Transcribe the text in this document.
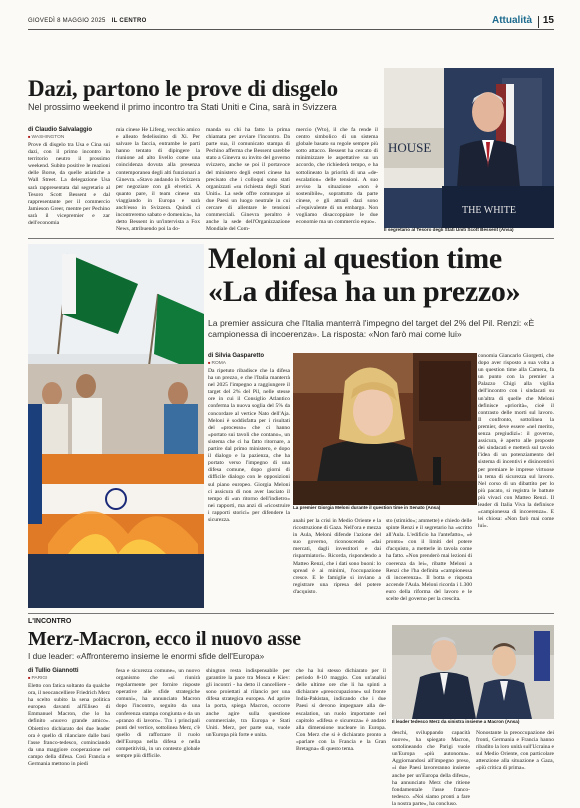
GIOVEDÌ 8 MAGGIO 2025 IL CENTRO	Attualità 15
Dazi, partono le prove di disgelo
Nel prossimo weekend il primo incontro tra Stati Uniti e Cina, sarà in Svizzera
di Claudio Salvalaggio
■ WASHINGTON
Prove di disgelo tra Usa e Cina sui dazi, con il primo incontro in territorio neutro il prossimo weekend. Subito positive le reazioni delle Borse, da quelle asiatiche a Wall Street. La delegazione Usa sarà rappresentata dal segretario al Tesoro Scott Bessent e dal rappresentante per il commercio Jamieson Greer, mentre per Pechino sarà il vicepremier e zar dell'economia
mia cinese He Lifeng, vecchio amico e alleato fedelissimo di Xi. Per salvare la faccia, entrambe le parti hanno tentato di dipingere la riunione ad alto livello come una coincidenza dovuta alla presenza contemporanea degli alti funzionari a Ginevra. «Stavo andando in Svizzera per negoziare con gli elvetici. A quanto pare, il team cinese sta viaggiando in Europa e sarà anch'esso in Svizzera. Quindi ci incontreremo sabato e domenica», ha detto Bessent in un'intervista a Fox News, attribuendo poi la do-
manda su chi ha fatto la prima chiamata per avviare l'incontro. Da parte sua, il comunicato stampa di Pechino afferma che Bessent sarebbe stato a Ginevra su invito del governo svizzero, anche se poi il portavoce del ministero degli esteri cinese ha precisato che i colloqui sono stati organizzati «su richiesta degli Stati Uniti». La sede offre comunque ai due Paesi un luogo neutrale in cui cercare di allentare le tensioni commerciali. Ginevra peraltro è anche la sede dell'Organizzazione Mondiale del Com-
mercio (Wto), il che fa rende il centro simbolico di un sistema globale basato su regole sempre più sotto attacco. Bessent ha cercato di minimizzare le aspettative su un accordo, che richiederà tempo, e ha sottolineato la priorità di una «de-escalation» delle tensioni. A suo avviso la situazione «non è sostenibile», soprattutto da parte cinese, e gli attuali dazi sono «l'equivalente di un embargo. Non vogliamo disaccoppiare le due economie ma un commercio equo».
HOUSE
THE WHITE
Il segretario al Tesoro degli Stati Uniti Scott Bessent (Ansa)
Meloni al question time
«La difesa ha un prezzo»
La premier assicura che l'Italia manterrà l'impegno del target del 2% del Pil. Renzi: «È campionessa di incoerenza». La risposta: «Non farò mai come lui»
di Silvia Gasparetto
■ ROMA
Da ripetuto ribadisce che la difesa ha un prezzo, e che l'Italia manterrà nel 2025 l'impegno a raggiungere il target del 2% del Pil, nelle stesse ore in cui il Consiglio Atlantico conferma la nuova soglia del 5% da concordare al vertice Nato dell'Aja. Meloni è soddisfatta per i risultati del «processo» che ci hanno «portato sui tavoli che contano», un sistema che ci ha fatto ritornare, a partire dal primo ministero, e dopo il dialogo e la pazienza, che ha portato verso l'impegno di una difesa comune, dopo giorni di difficile dialogo con le opposizioni sul piano europeo. Giorgia Meloni ci assicura di non aver lasciato il tempo di «un ritorno dell'indietro» nei rapporti, ma anzi di «ricostruire i rapporti storici» per difendere la sicurezza.
La premier Giorgia Meloni durante il question time in Senato (Ansa)
anahi per la crisi in Medio Oriente e la ricostruzione di Gaza. Nell'ora e mezza in Aula, Meloni difende l'azione del suo governo, riconoscendo «dai mercati, dagli investitori e dai risparmiatori». Ricorda, rispondendo a Matteo Renzi, che i dati sono buoni: lo spread è ai minimi, l'occupazione cresce. E le famiglie si inviano a registrare una ripresa del potere d'acquisto.
sto (stimido»; ammette) e chiedo delle spinte Renzi e il segretario ha «scritto all'Aula. L'edificio ha l'antefatto», «è pronto» con il limiti del potere d'acquisto, a metterle in tavola come ha fatto. «Non prenderò mai lezioni di coerenza da lei», ribatte Meloni a Renzi che l'ha definita «campionessa di incoerenza». Il botta e risposta accende l'Aula. Meloni ricorda i 1.300 euro della riforma del lavoro e le scelte del governo per la crescita.
conomia Giancarlo Giorgetti, che dopo aver risposto a sua volta a un question time alla Camera, fa un punto con la premier a Palazzo Chigi alla vigilia dell'incontro con i sindacati su un'altra di quelle che Meloni definisce «priorità», cioè il contrasto delle morti sul lavoro. Il confronto, sottolinea la premier, deve essere «nel merito, senza pregiudizi»: il governo, assicura, è aperto alle proposte dei sindacati e metterà sul tavolo l'idea di un potenziamento del sistema di incentivi e disincentivi per premiare le imprese virtuose in tema di sicurezza sul lavoro. Nel corso di un dibattito per lo più pacato, si registra le battute più vivaci con Matteo Renzi. Il leader di Italia Viva la definisce «campionessa di incoerenza». E lei chiosa: «Non farò mai come lui».
L'INCONTRO
Merz-Macron, ecco il nuovo asse
I due leader: «Affronteremo insieme le enormi sfide dell'Europa»
di Tullio Giannotti
■ PARIGI
Eletto con fatica soltanto da qualche ora, il neocancelliere Friedrich Merz ha scelto subito la sena politica europea davanti all'Eliseo di Emmanuel Macron, che lo ha definito «nuovo grande amico». Obiettivo dichiarato dei due leader ora è quello di rilanciare dalle basi l'asse franco-tedesco, cominciando da una maggiore cooperazione nel campo della difesa. Così Francia e Germania mettono in piedi
fesa e sicurezza comune», un nuovo organismo che «si riunirà regolarmente per fornire risposte operative alle sfide strategiche comuni», ha annunciato Macron dopo l'incontro, seguito da una conferenza stampa congiunta e da un «pranzo di lavoro». Tra i principali punti del vertice, sottolinea Merz, c'è quello di rafforzare il ruolo dell'Europa nella difesa e nella competitività, in un contesto globale sempre più difficile.
shington resta indispensabile per garantire la pace tra Mosca e Kiev: gli incontri - ha detto il cancelliere - sono proiettati al rilancio per una difesa strategica europea. Ad aprire la porta, spiega Macron, occorre anche agire sulla questione commerciale, tra Europa e Stati Uniti. Merz, per parte sua, vuole un'Europa più forte e unita.
che ha lui stesso dichiarato per il periodo 8-10 maggio. Con un'analisi delle ultime ore che li ha spinti a dichiarare «preoccupazione» sul fronte India-Pakistan, indicando che i due Paesi si devono impegnare alla de-escalation, un ruolo importante nel capitolo «difesa e sicurezza» è andato alla dimensione nucleare in Europa. Con Merz che si è dichiarato pronto a «parlare con la Francia e la Gran Bretagna» di questo tema.
Il leader tedesco Merz da sinistra insieme a Macron (Ansa)
deschi, sviluppando capacità nuove», ha spiegato Macron, sottolineando che Parigi vuole un'Europa «più autonoma». Aggiornandosi all'impegno preso, «i due Paesi lavoreranno insieme anche per un'Europa della difesa», ha annunciato Merz che ritiene fondamentale l'asse franco-tedesco. «Noi siamo pronti a fare la nostra parte», ha concluso.
Nonostante la preoccupazione dei fronti, Germania e Francia hanno ribadito la loro unità sull'Ucraina e sul Medio Oriente, con particolare attenzione alla situazione a Gaza, «più critica di prima».
